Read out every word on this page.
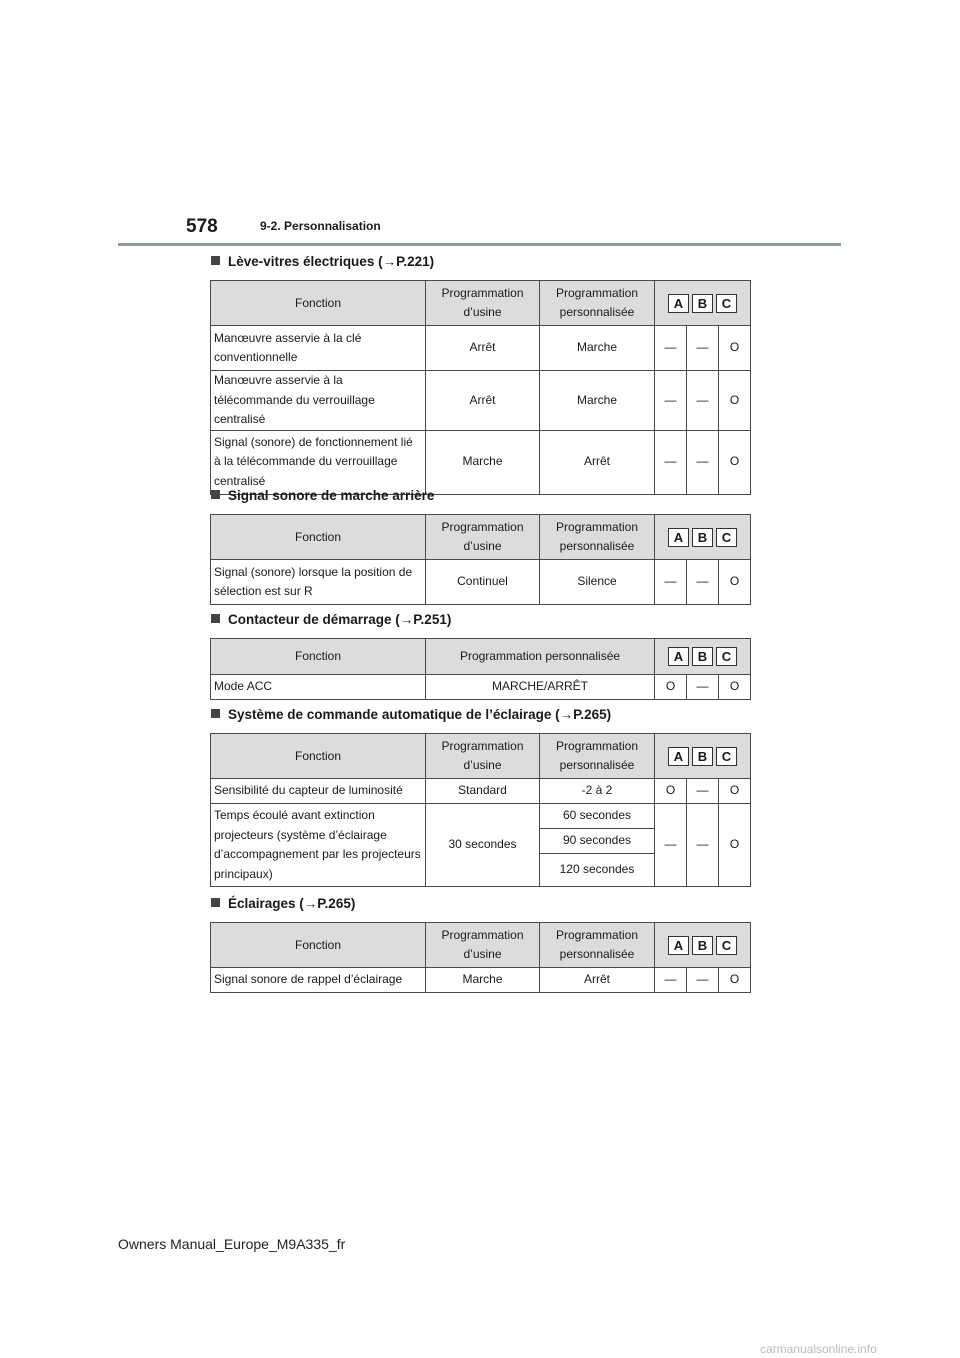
578	9-2. Personnalisation
Lève-vitres électriques (→P.221)
Fonction	Programmation d’usine	Programmation personnalisée	A B C		

Manœuvre asservie à la clé conventionnelle	Arrêt	Marche	—	—	O
Manœuvre asservie à la télécommande du verrouillage centralisé	Arrêt	Marche	—	—	O
Signal (sonore) de fonctionnement lié à la télécommande du verrouillage centralisé	Marche	Arrêt	—	—	O
Signal sonore de marche arrière
Fonction	Programmation d’usine	Programmation personnalisée	A B C		

Signal (sonore) lorsque la position de sélection est sur R	Continuel	Silence	—	—	O
Contacteur de démarrage (→P.251)
Fonction	Programmation personnalisée	A B C		

Mode ACC	MARCHE/ARRÊT	O	—	O
Système de commande automatique de l’éclairage (→P.265)
Fonction	Programmation d’usine	Programmation personnalisée	A B C		

Sensibilité du capteur de luminosité	Standard	-2 à 2	O	—	O
Temps écoulé avant extinction projecteurs (système d’éclairage d’accompagnement par les projecteurs principaux)	30 secondes	60 secondes	—	—	O
		90 secondes			
		120 secondes			
Éclairages (→P.265)
Fonction	Programmation d’usine	Programmation personnalisée	A B C		

Signal sonore de rappel d’éclairage	Marche	Arrêt	—	—	O
Owners Manual_Europe_M9A335_fr
carmanualsonline.info
